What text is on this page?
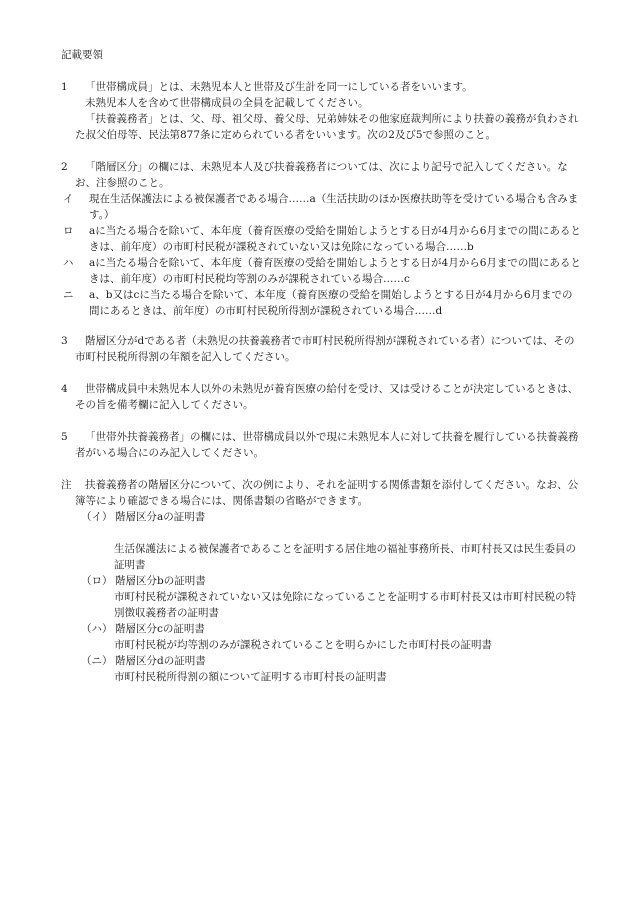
記載要領
1 「世帯構成員」とは、未熟児本人と世帯及び生計を同一にしている者をいいます。
未熟児本人を含めて世帯構成員の全員を記載してください。
「扶養義務者」とは、父、母、祖父母、養父母、兄弟姉妹その他家庭裁判所により扶養の義務が負わされた叔父伯母等、民法第877条に定められている者をいいます。次の2及び5で参照のこと。
2	「階層区分」の欄には、未熟児本人及び扶養義務者については、次により記号で記入してください。なお、注参照のこと。
イ 現在生活保護法による被保護者である場合……a（生活扶助のほか医療扶助等を受けている場合も含みます。）
ロ aに当たる場合を除いて、本年度（養育医療の受給を開始しようとする日が4月から6月までの間にあるときは、前年度）の市町村民税が課税されていない又は免除になっている場合……b
ハ aに当たる場合を除いて、本年度（養育医療の受給を開始しようとする日が4月から6月までの間にあるときは、前年度）の市町村民税均等割のみが課税されている場合……c
ニ a、b又はcに当たる場合を除いて、本年度（養育医療の受給を開始しようとする日が4月から6月までの間にあるときは、前年度）の市町村民税所得割が課税されている場合……d
3	階層区分がdである者（未熟児の扶養義務者で市町村民税所得割が課税されている者）については、その市町村民税所得割の年額を記入してください。
4	世帯構成員中未熟児本人以外の未熟児が養育医療の給付を受け、又は受けることが決定しているときは、その旨を備考欄に記入してください。
5	「世帯外扶養義務者」の欄には、世帯構成員以外で現に未熟児本人に対して扶養を履行している扶養義務者がいる場合にのみ記入してください。
注	扶養義務者の階層区分について、次の例により、それを証明する関係書類を添付してください。なお、公簿等により確認できる場合には、関係書類の省略ができます。
（イ） 階層区分aの証明書
生活保護法による被保護者であることを証明する居住地の福祉事務所長、市町村長又は民生委員の証明書
（ロ） 階層区分bの証明書
市町村民税が課税されていない又は免除になっていることを証明する市町村長又は市町村民税の特別徴収義務者の証明書
（ハ） 階層区分cの証明書
市町村民税が均等割のみが課税されていることを明らかにした市町村長の証明書
（ニ） 階層区分dの証明書
市町村民税所得割の額について証明する市町村長の証明書
